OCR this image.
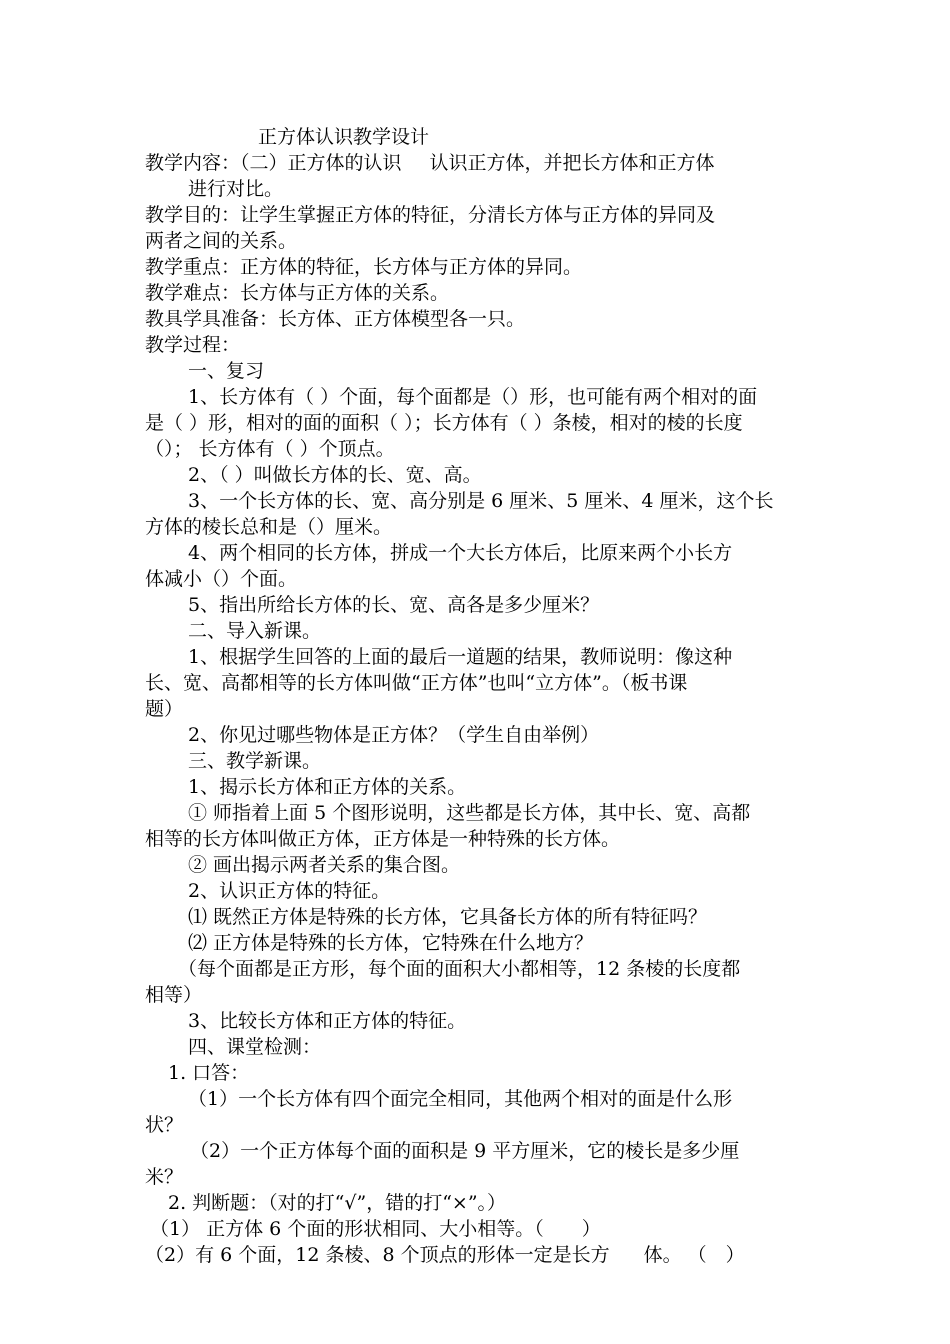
正方体认识教学设计

教学内容：（二）正方体的认识 认识正方体，并把长方体和正方体

进行对比。

教学目的：让学生掌握正方体的特征，分清长方体与正方体的异同及

两者之间的关系。

教学重点：正方体的特征，长方体与正方体的异同。

教学难点：长方体与正方体的关系。

教具学具准备：长方体、正方体模型各一只。

教学过程：

一、复习

1、长方体有（ ）个面，每个面都是（）形，也可能有两个相对的面

是（ ）形，相对的面的面积（ ）；长方体有（ ）条棱，相对的棱的长度

（）； 长方体有（ ）个顶点。

2、（ ）叫做长方体的长、宽、高。

3、一个长方体的长、宽、高分别是 6 厘米、5 厘米、4 厘米，这个长

方体的棱长总和是（）厘米。

4、两个相同的长方体，拼成一个大长方体后，比原来两个小长方

体减小（）个面。

5、指出所给长方体的长、宽、高各是多少厘米？

二、导入新课。

1、根据学生回答的上面的最后一道题的结果，教师说明：像这种

长、宽、高都相等的长方体叫做“正方体”也叫“立方体”。（板书课

题）

2、你见过哪些物体是正方体？（学生自由举例）

三、教学新课。

1、揭示长方体和正方体的关系。

① 师指着上面 5 个图形说明，这些都是长方体，其中长、宽、高都

相等的长方体叫做正方体，正方体是一种特殊的长方体。

② 画出揭示两者关系的集合图。

2、认识正方体的特征。

⑴ 既然正方体是特殊的长方体，它具备长方体的所有特征吗？

⑵ 正方体是特殊的长方体，它特殊在什么地方？

（每个面都是正方形，每个面的面积大小都相等，12 条棱的长度都

相等）

3、比较长方体和正方体的特征。

四、课堂检测：

1. 口答：

（1）一个长方体有四个面完全相同，其他两个相对的面是什么形

状？

（2）一个正方体每个面的面积是 9 平方厘米，它的棱长是多少厘

米？

2. 判断题：（对的打“√”，错的打“×”。）

（1） 正方体 6 个面的形状相同、大小相等。（　　）

（2）有 6 个面，12 条棱、8 个顶点的形体一定是长方 体。 （　）
